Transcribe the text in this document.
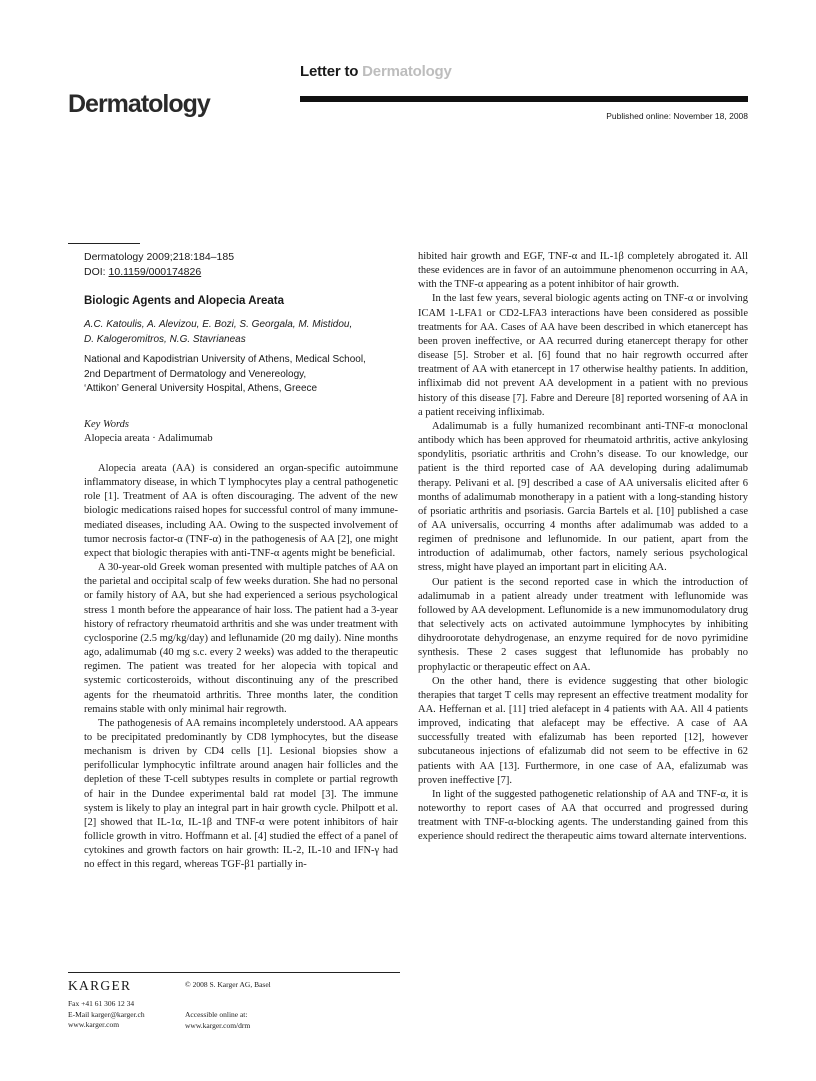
Letter to Dermatology
Dermatology	Published online: November 18, 2008
Dermatology 2009;218:184–185
DOI: 10.1159/000174826
Biologic Agents and Alopecia Areata
A.C. Katoulis, A. Alevizou, E. Bozi, S. Georgala, M. Mistidou,
D. Kalogeromitros, N.G. Stavrianeas
National and Kapodistrian University of Athens, Medical School,
2nd Department of Dermatology and Venereology,
‘Attikon’ General University Hospital, Athens, Greece
Key Words
Alopecia areata · Adalimumab

Alopecia areata (AA) is considered an organ-specific autoimmune inflammatory disease, in which T lymphocytes play a central pathogenetic role [1]. Treatment of AA is often discouraging. The advent of the new biologic medications raised hopes for successful control of many immune-mediated diseases, including AA. Owing to the suspected involvement of tumor necrosis factor-α (TNF-α) in the pathogenesis of AA [2], one might expect that biologic therapies with anti-TNF-α agents might be beneficial.

A 30-year-old Greek woman presented with multiple patches of AA on the parietal and occipital scalp of few weeks duration. She had no personal or family history of AA, but she had experienced a serious psychological stress 1 month before the appearance of hair loss. The patient had a 3-year history of refractory rheumatoid arthritis and she was under treatment with cyclosporine (2.5 mg/kg/day) and leflunamide (20 mg daily). Nine months ago, adalimumab (40 mg s.c. every 2 weeks) was added to the therapeutic regimen. The patient was treated for her alopecia with topical and systemic corticosteroids, without discontinuing any of the prescribed agents for the rheumatoid arthritis. Three months later, the condition remains stable with only minimal hair regrowth.

The pathogenesis of AA remains incompletely understood. AA appears to be precipitated predominantly by CD8 lymphocytes, but the disease mechanism is driven by CD4 cells [1]. Lesional biopsies show a perifollicular lymphocytic infiltrate around anagen hair follicles and the depletion of these T-cell subtypes results in complete or partial regrowth of hair in the Dundee experimental bald rat model [3]. The immune system is likely to play an integral part in hair growth cycle. Philpott et al. [2] showed that IL-1α, IL-1β and TNF-α were potent inhibitors of hair follicle growth in vitro. Hoffmann et al. [4] studied the effect of a panel of cytokines and growth factors on hair growth: IL-2, IL-10 and IFN-γ had no effect in this regard, whereas TGF-β1 partially in-

hibited hair growth and EGF, TNF-α and IL-1β completely abrogated it. All these evidences are in favor of an autoimmune phenomenon occurring in AA, with the TNF-α appearing as a potent inhibitor of hair growth.

In the last few years, several biologic agents acting on TNF-α or involving ICAM 1-LFA1 or CD2-LFA3 interactions have been considered as possible treatments for AA. Cases of AA have been described in which etanercept has been proven ineffective, or AA recurred during etanercept therapy for other disease [5]. Strober et al. [6] found that no hair regrowth occurred after treatment of AA with etanercept in 17 otherwise healthy patients. In addition, infliximab did not prevent AA development in a patient with no previous history of this disease [7]. Fabre and Dereure [8] reported worsening of AA in a patient receiving infliximab.

Adalimumab is a fully humanized recombinant anti-TNF-α monoclonal antibody which has been approved for rheumatoid arthritis, active ankylosing spondylitis, psoriatic arthritis and Crohn’s disease. To our knowledge, our patient is the third reported case of AA developing during adalimumab therapy. Pelivani et al. [9] described a case of AA universalis elicited after 6 months of adalimumab monotherapy in a patient with a long-standing history of psoriatic arthritis and psoriasis. Garcia Bartels et al. [10] published a case of AA universalis, occurring 4 months after adalimumab was added to a regimen of prednisone and leflunomide. In our patient, apart from the introduction of adalimumab, other factors, namely serious psychological stress, might have played an important part in eliciting AA.

Our patient is the second reported case in which the introduction of adalimumab in a patient already under treatment with leflunomide was followed by AA development. Leflunomide is a new immunomodulatory drug that selectively acts on activated autoimmune lymphocytes by inhibiting dihydroorotate dehydrogenase, an enzyme required for de novo pyrimidine synthesis. These 2 cases suggest that leflunomide has probably no prophylactic or therapeutic effect on AA.

On the other hand, there is evidence suggesting that other biologic therapies that target T cells may represent an effective treatment modality for AA. Heffernan et al. [11] tried alefacept in 4 patients with AA. All 4 patients improved, indicating that alefacept may be effective. A case of AA successfully treated with efalizumab has been reported [12], however subcutaneous injections of efalizumab did not seem to be effective in 62 patients with AA [13]. Furthermore, in one case of AA, efalizumab was proven ineffective [7].

In light of the suggested pathogenetic relationship of AA and TNF-α, it is noteworthy to report cases of AA that occurred and progressed during treatment with TNF-α-blocking agents. The understanding gained from this experience should redirect the therapeutic aims toward alternate interventions.

KARGER	© 2008 S. Karger AG, Basel
Fax +41 61 306 12 34
E-Mail karger@karger.ch
www.karger.com
Accessible online at:
www.karger.com/drm
